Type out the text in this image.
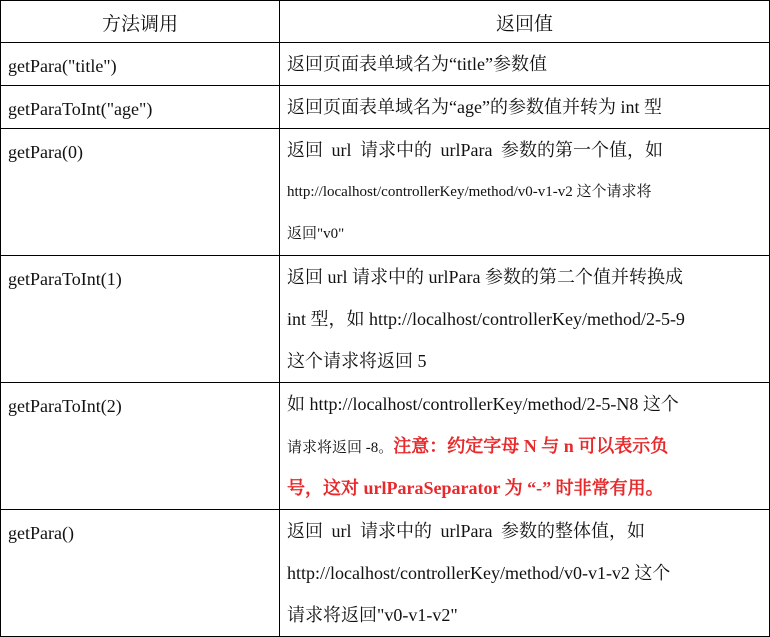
方法调用	返回值
getPara("title")	返回页面表单域名为“title”参数值

getParaToInt("age")	返回页面表单域名为“age”的参数值并转为 int 型

getPara(0)	返回 url 请求中的 urlPara 参数的第一个值，如
http://localhost/controllerKey/method/v0-v1-v2 这个请求将
返回"v0"

getParaToInt(1)	返回 url 请求中的 urlPara 参数的第二个值并转换成
int 型，如 http://localhost/controllerKey/method/2-5-9
这个请求将返回 5

getParaToInt(2)	如 http://localhost/controllerKey/method/2-5-N8 这个
请求将返回 -8。注意：约定字母 N 与 n 可以表示负
号，这对 urlParaSeparator 为 “-” 时非常有用。

getPara()	返回 url 请求中的 urlPara 参数的整体值，如
http://localhost/controllerKey/method/v0-v1-v2 这个
请求将返回"v0-v1-v2"
